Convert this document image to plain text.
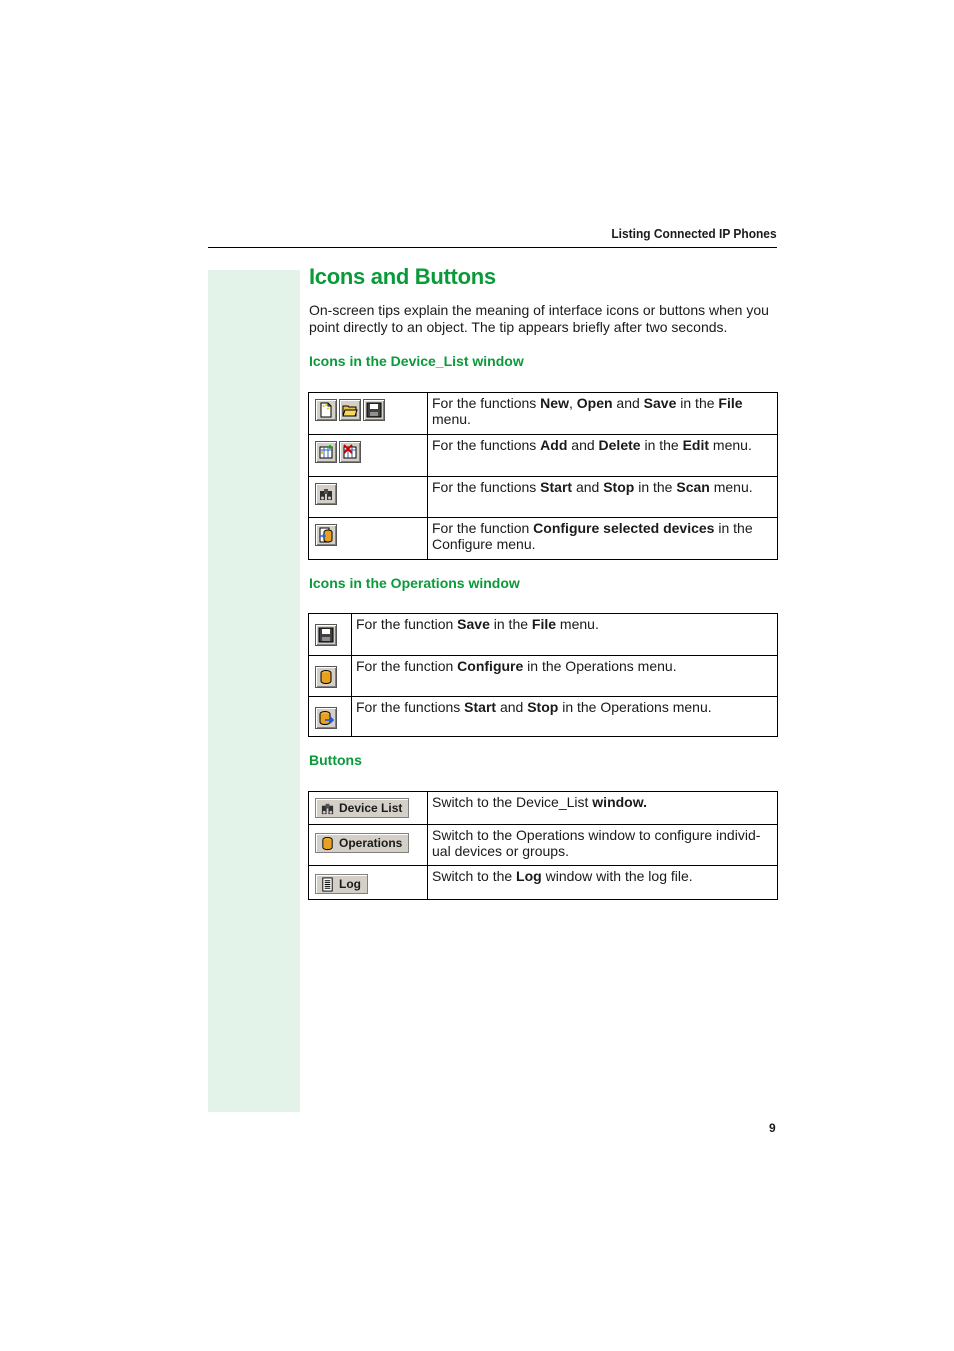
Listing Connected IP Phones
Icons and Buttons

On-screen tips explain the meaning of interface icons or buttons when you point directly to an object. The tip appears briefly after two seconds.

Icons in the Device_List window
	For the functions New, Open and Save in the File menu.

	For the functions Add and Delete in the Edit menu.

	For the functions Start and Stop in the Scan menu.

	For the function Configure selected devices in the Configure menu.
Icons in the Operations window
	For the function Save in the File menu.

	For the function Configure in the Operations menu.

	For the functions Start and Stop in the Operations menu.
Buttons
Device List	Switch to the Device_List window.

Operations	Switch to the Operations window to configure individ-ual devices or groups.

Log	Switch to the Log window with the log file.
9
